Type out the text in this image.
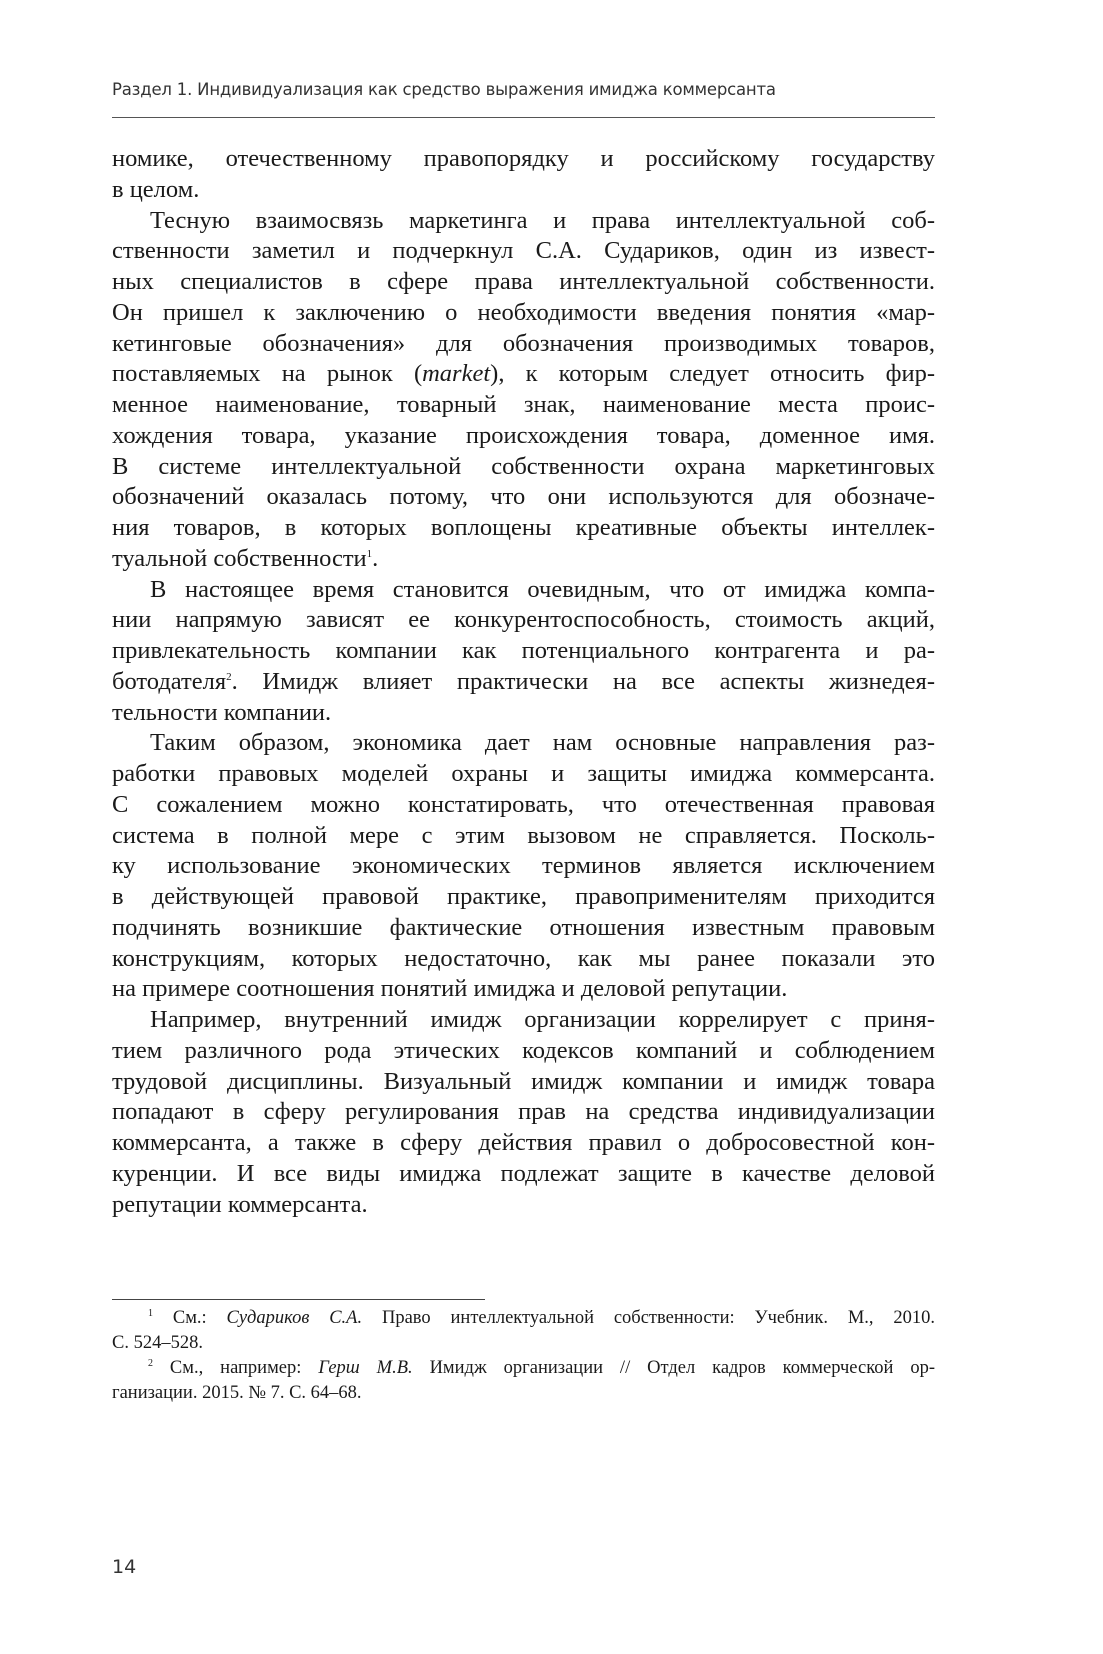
Раздел 1. Индивидуализация как средство выражения имиджа коммерсанта
номике, отечественному правопорядку и российскому государству
в целом.
Тесную взаимосвязь маркетинга и права интеллектуальной соб-
ственности заметил и подчеркнул С.А. Судариков, один из извест-
ных специалистов в сфере права интеллектуальной собственности.
Он пришел к заключению о необходимости введения понятия «мар-
кетинговые обозначения» для обозначения производимых товаров,
поставляемых на рынок (market), к которым следует относить фир-
менное наименование, товарный знак, наименование места проис-
хождения товара, указание происхождения товара, доменное имя.
В системе интеллектуальной собственности охрана маркетинговых
обозначений оказалась потому, что они используются для обозначе-
ния товаров, в которых воплощены креативные объекты интеллек-
туальной собственности$^1$.
В настоящее время становится очевидным, что от имиджа компа-
нии напрямую зависят ее конкурентоспособность, стоимость акций,
привлекательность компании как потенциального контрагента и ра-
ботодателя$^2$. Имидж влияет практически на все аспекты жизнедея-
тельности компании.
Таким образом, экономика дает нам основные направления раз-
работки правовых моделей охраны и защиты имиджа коммерсанта.
С сожалением можно констатировать, что отечественная правовая
система в полной мере с этим вызовом не справляется. Посколь-
ку использование экономических терминов является исключением
в действующей правовой практике, правоприменителям приходится
подчинять возникшие фактические отношения известным правовым
конструкциям, которых недостаточно, как мы ранее показали это
на примере соотношения понятий имиджа и деловой репутации.
Например, внутренний имидж организации коррелирует с приня-
тием различного рода этических кодексов компаний и соблюдением
трудовой дисциплины. Визуальный имидж компании и имидж товара
попадают в сферу регулирования прав на средства индивидуализации
коммерсанта, а также в сферу действия правил о добросовестной кон-
куренции. И все виды имиджа подлежат защите в качестве деловой
репутации коммерсанта.
$^1$ См.: Судариков С.А. Право интеллектуальной собственности: Учебник. М., 2010.
С. 524–528.
$^2$ См., например: Герш М.В. Имидж организации // Отдел кадров коммерческой ор-
ганизации. 2015. № 7. С. 64–68.
14
